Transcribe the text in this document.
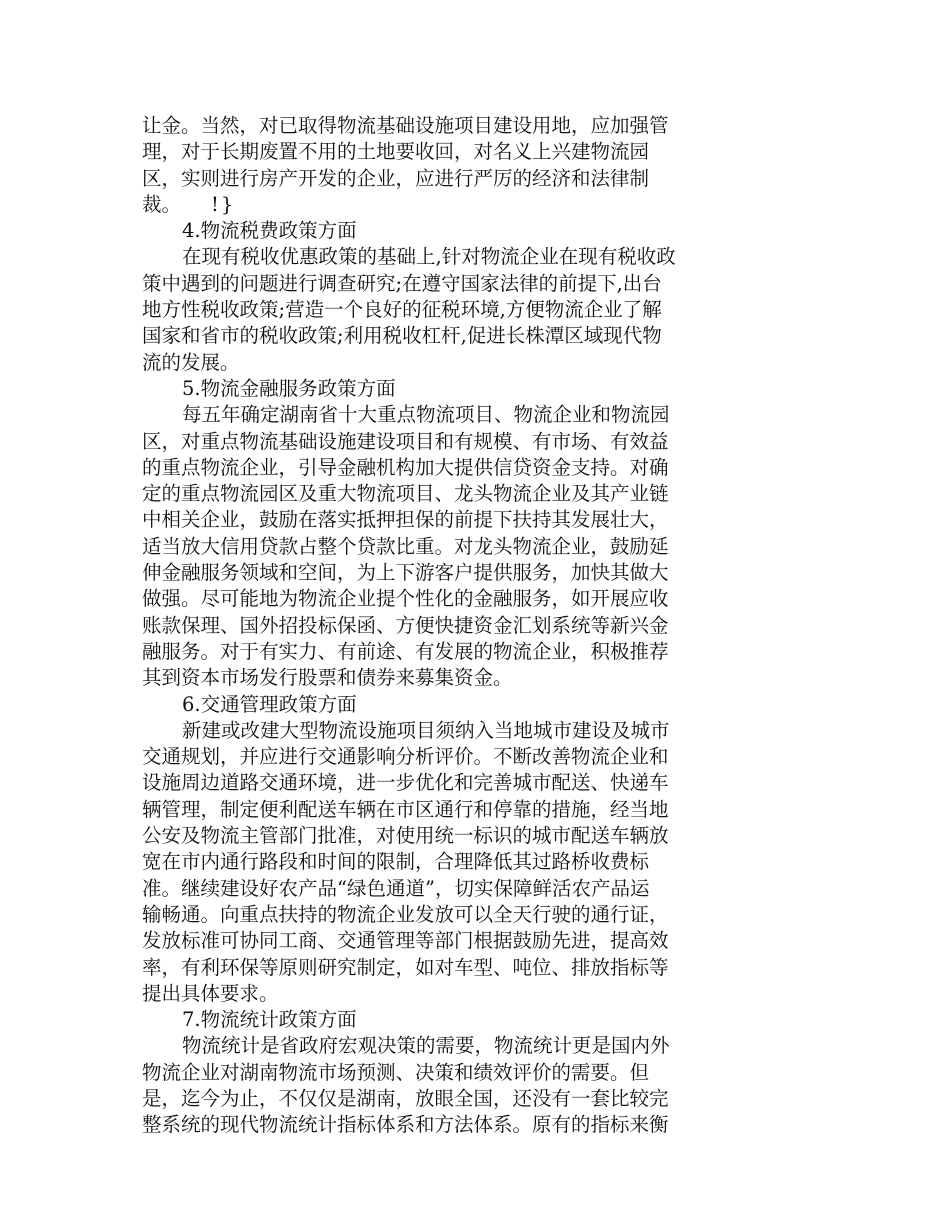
让金。当然，对已取得物流基础设施项目建设用地，应加强管
理，对于长期废置不用的土地要收回，对名义上兴建物流园
区，实则进行房产开发的企业，应进行严厉的经济和法律制
裁。 !}
4.物流税费政策方面
在现有税收优惠政策的基础上,针对物流企业在现有税收政
策中遇到的问题进行调查研究;在遵守国家法律的前提下,出台
地方性税收政策;营造一个良好的征税环境,方便物流企业了解
国家和省市的税收政策;利用税收杠杆,促进长株潭区域现代物
流的发展。
5.物流金融服务政策方面
每五年确定湖南省十大重点物流项目、物流企业和物流园
区，对重点物流基础设施建设项目和有规模、有市场、有效益
的重点物流企业，引导金融机构加大提供信贷资金支持。对确
定的重点物流园区及重大物流项目、龙头物流企业及其产业链
中相关企业，鼓励在落实抵押担保的前提下扶持其发展壮大，
适当放大信用贷款占整个贷款比重。对龙头物流企业，鼓励延
伸金融服务领域和空间，为上下游客户提供服务，加快其做大
做强。尽可能地为物流企业提个性化的金融服务，如开展应收
账款保理、国外招投标保函、方便快捷资金汇划系统等新兴金
融服务。对于有实力、有前途、有发展的物流企业，积极推荐
其到资本市场发行股票和债券来募集资金。
6.交通管理政策方面
新建或改建大型物流设施项目须纳入当地城市建设及城市
交通规划，并应进行交通影响分析评价。不断改善物流企业和
设施周边道路交通环境，进一步优化和完善城市配送、快递车
辆管理，制定便利配送车辆在市区通行和停靠的措施，经当地
公安及物流主管部门批准，对使用统一标识的城市配送车辆放
宽在市内通行路段和时间的限制，合理降低其过路桥收费标
准。继续建设好农产品“绿色通道”，切实保障鲜活农产品运
输畅通。向重点扶持的物流企业发放可以全天行驶的通行证，
发放标准可协同工商、交通管理等部门根据鼓励先进，提高效
率，有利环保等原则研究制定，如对车型、吨位、排放指标等
提出具体要求。
7.物流统计政策方面
物流统计是省政府宏观决策的需要，物流统计更是国内外
物流企业对湖南物流市场预测、决策和绩效评价的需要。但
是，迄今为止，不仅仅是湖南，放眼全国，还没有一套比较完
整系统的现代物流统计指标体系和方法体系。原有的指标来衡
